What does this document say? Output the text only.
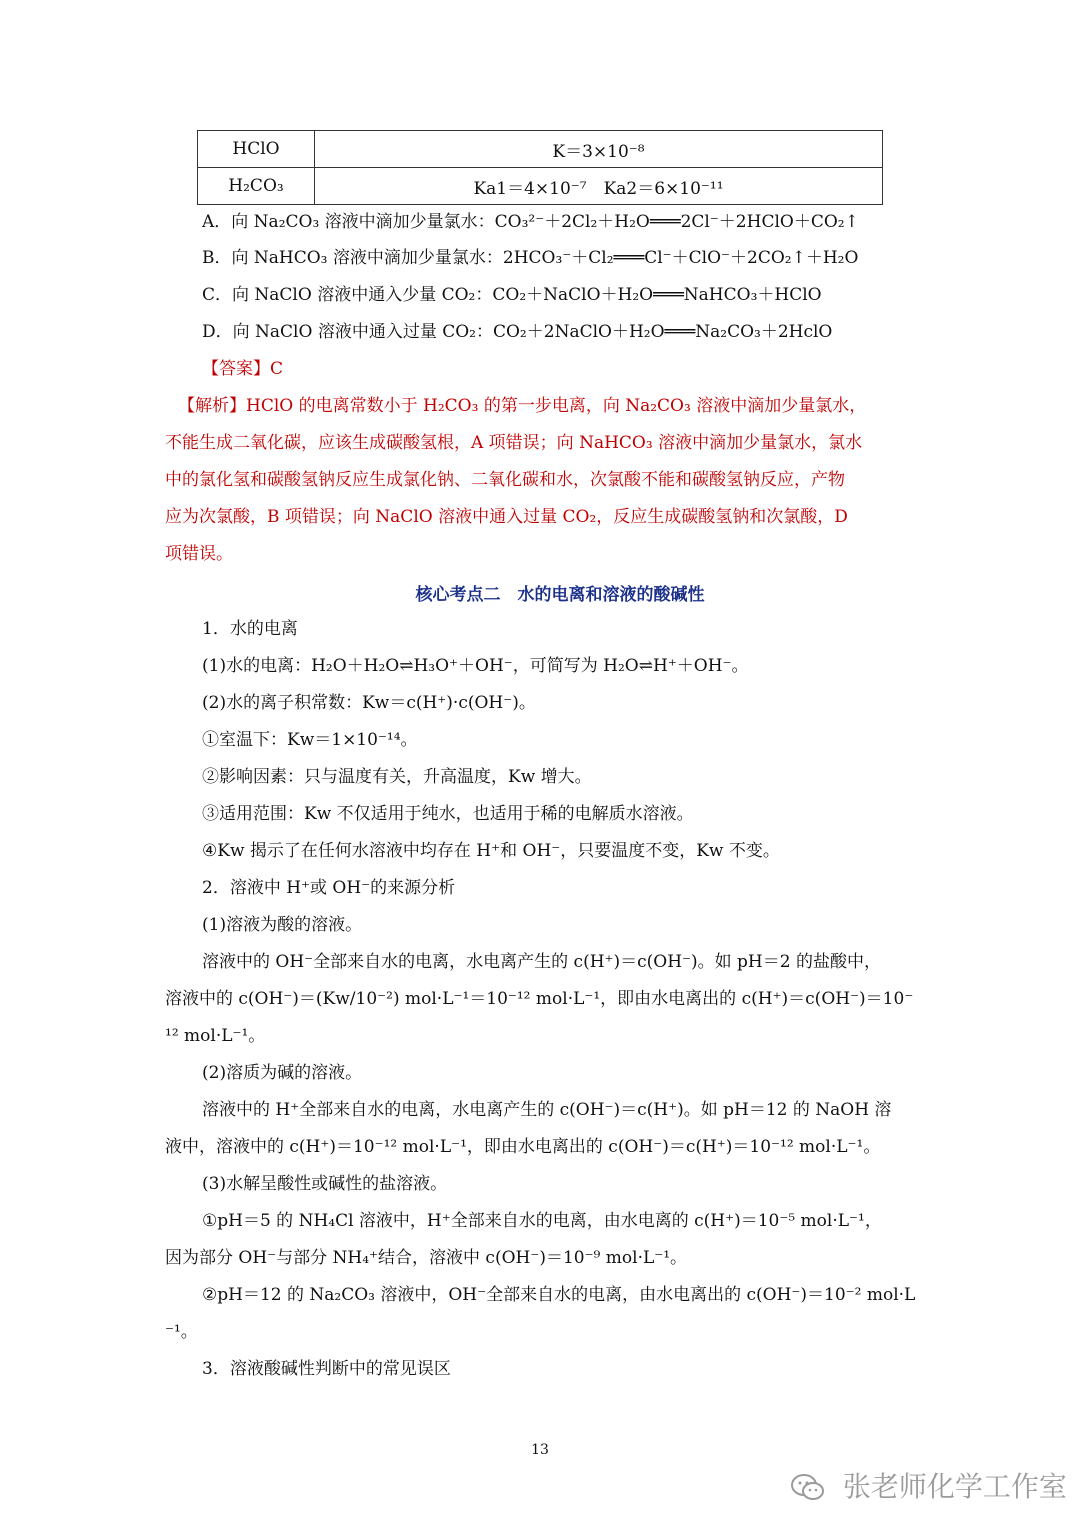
HClO	K＝3×10⁻⁸
H₂CO₃	Ka1＝4×10⁻⁷　Ka2＝6×10⁻¹¹
A．向 Na₂CO₃ 溶液中滴加少量氯水：CO₃²⁻＋2Cl₂＋H₂O═══2Cl⁻＋2HClO＋CO₂↑
B．向 NaHCO₃ 溶液中滴加少量氯水：2HCO₃⁻＋Cl₂═══Cl⁻＋ClO⁻＋2CO₂↑＋H₂O
C．向 NaClO 溶液中通入少量 CO₂：CO₂＋NaClO＋H₂O═══NaHCO₃＋HClO
D．向 NaClO 溶液中通入过量 CO₂：CO₂＋2NaClO＋H₂O═══Na₂CO₃＋2HclO
【答案】C
【解析】HClO 的电离常数小于 H₂CO₃ 的第一步电离，向 Na₂CO₃ 溶液中滴加少量氯水，
不能生成二氧化碳，应该生成碳酸氢根，A 项错误；向 NaHCO₃ 溶液中滴加少量氯水，氯水
中的氯化氢和碳酸氢钠反应生成氯化钠、二氧化碳和水，次氯酸不能和碳酸氢钠反应，产物
应为次氯酸，B 项错误；向 NaClO 溶液中通入过量 CO₂，反应生成碳酸氢钠和次氯酸，D
项错误。
核心考点二　水的电离和溶液的酸碱性
1．水的电离
(1)水的电离：H₂O＋H₂O⇌H₃O⁺＋OH⁻，可简写为 H₂O⇌H⁺＋OH⁻。
(2)水的离子积常数：Kw＝c(H⁺)·c(OH⁻)。
①室温下：Kw＝1×10⁻¹⁴。
②影响因素：只与温度有关，升高温度，Kw 增大。
③适用范围：Kw 不仅适用于纯水，也适用于稀的电解质水溶液。
④Kw 揭示了在任何水溶液中均存在 H⁺和 OH⁻，只要温度不变，Kw 不变。
2．溶液中 H⁺或 OH⁻的来源分析
(1)溶液为酸的溶液。
溶液中的 OH⁻全部来自水的电离，水电离产生的 c(H⁺)＝c(OH⁻)。如 pH＝2 的盐酸中，
溶液中的 c(OH⁻)＝(Kw/10⁻²) mol·L⁻¹＝10⁻¹² mol·L⁻¹，即由水电离出的 c(H⁺)＝c(OH⁻)＝10⁻
¹² mol·L⁻¹。
(2)溶质为碱的溶液。
溶液中的 H⁺全部来自水的电离，水电离产生的 c(OH⁻)＝c(H⁺)。如 pH＝12 的 NaOH 溶
液中，溶液中的 c(H⁺)＝10⁻¹² mol·L⁻¹，即由水电离出的 c(OH⁻)＝c(H⁺)＝10⁻¹² mol·L⁻¹。
(3)水解呈酸性或碱性的盐溶液。
①pH＝5 的 NH₄Cl 溶液中，H⁺全部来自水的电离，由水电离的 c(H⁺)＝10⁻⁵ mol·L⁻¹，
因为部分 OH⁻与部分 NH₄⁺结合，溶液中 c(OH⁻)＝10⁻⁹ mol·L⁻¹。
②pH＝12 的 Na₂CO₃ 溶液中，OH⁻全部来自水的电离，由水电离出的 c(OH⁻)＝10⁻² mol·L
⁻¹。
3．溶液酸碱性判断中的常见误区
13
张老师化学工作室
